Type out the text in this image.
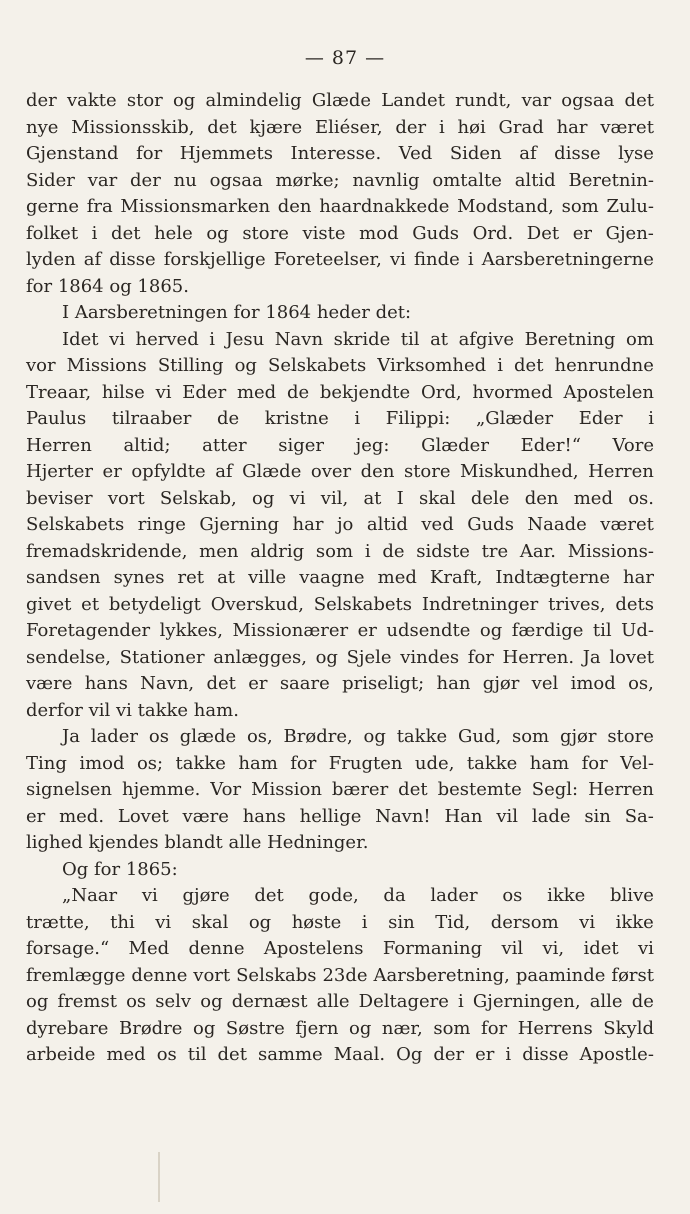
— 87 —
der vakte stor og almindelig Glæde Landet rundt, var ogsaa det
nye Missionsskib, det kjære Eliéser, der i høi Grad har været
Gjenstand for Hjemmets Interesse. Ved Siden af disse lyse
Sider var der nu ogsaa mørke; navnlig omtalte altid Beretnin-
gerne fra Missionsmarken den haardnakkede Modstand, som Zulu-
folket i det hele og store viste mod Guds Ord. Det er Gjen-
lyden af disse forskjellige Foreteelser, vi finde i Aarsberetningerne
for 1864 og 1865.
I Aarsberetningen for 1864 heder det:
Idet vi herved i Jesu Navn skride til at afgive Beretning om
vor Missions Stilling og Selskabets Virksomhed i det henrundne
Treaar, hilse vi Eder med de bekjendte Ord, hvormed Apostelen
Paulus tilraaber de kristne i Filippi: „Glæder Eder i
Herren altid; atter siger jeg: Glæder Eder!“ Vore
Hjerter er opfyldte af Glæde over den store Miskundhed, Herren
beviser vort Selskab, og vi vil, at I skal dele den med os.
Selskabets ringe Gjerning har jo altid ved Guds Naade været
fremadskridende, men aldrig som i de sidste tre Aar. Missions-
sandsen synes ret at ville vaagne med Kraft, Indtægterne har
givet et betydeligt Overskud, Selskabets Indretninger trives, dets
Foretagender lykkes, Missionærer er udsendte og færdige til Ud-
sendelse, Stationer anlægges, og Sjele vindes for Herren. Ja lovet
være hans Navn, det er saare priseligt; han gjør vel imod os,
derfor vil vi takke ham.
Ja lader os glæde os, Brødre, og takke Gud, som gjør store
Ting imod os; takke ham for Frugten ude, takke ham for Vel-
signelsen hjemme. Vor Mission bærer det bestemte Segl: Herren
er med. Lovet være hans hellige Navn! Han vil lade sin Sa-
lighed kjendes blandt alle Hedninger.
Og for 1865:
„Naar vi gjøre det gode, da lader os ikke blive
trætte, thi vi skal og høste i sin Tid, dersom vi ikke
forsage.“ Med denne Apostelens Formaning vil vi, idet vi
fremlægge denne vort Selskabs 23de Aarsberetning, paaminde først
og fremst os selv og dernæst alle Deltagere i Gjerningen, alle de
dyrebare Brødre og Søstre fjern og nær, som for Herrens Skyld
arbeide med os til det samme Maal. Og der er i disse Apostle-
